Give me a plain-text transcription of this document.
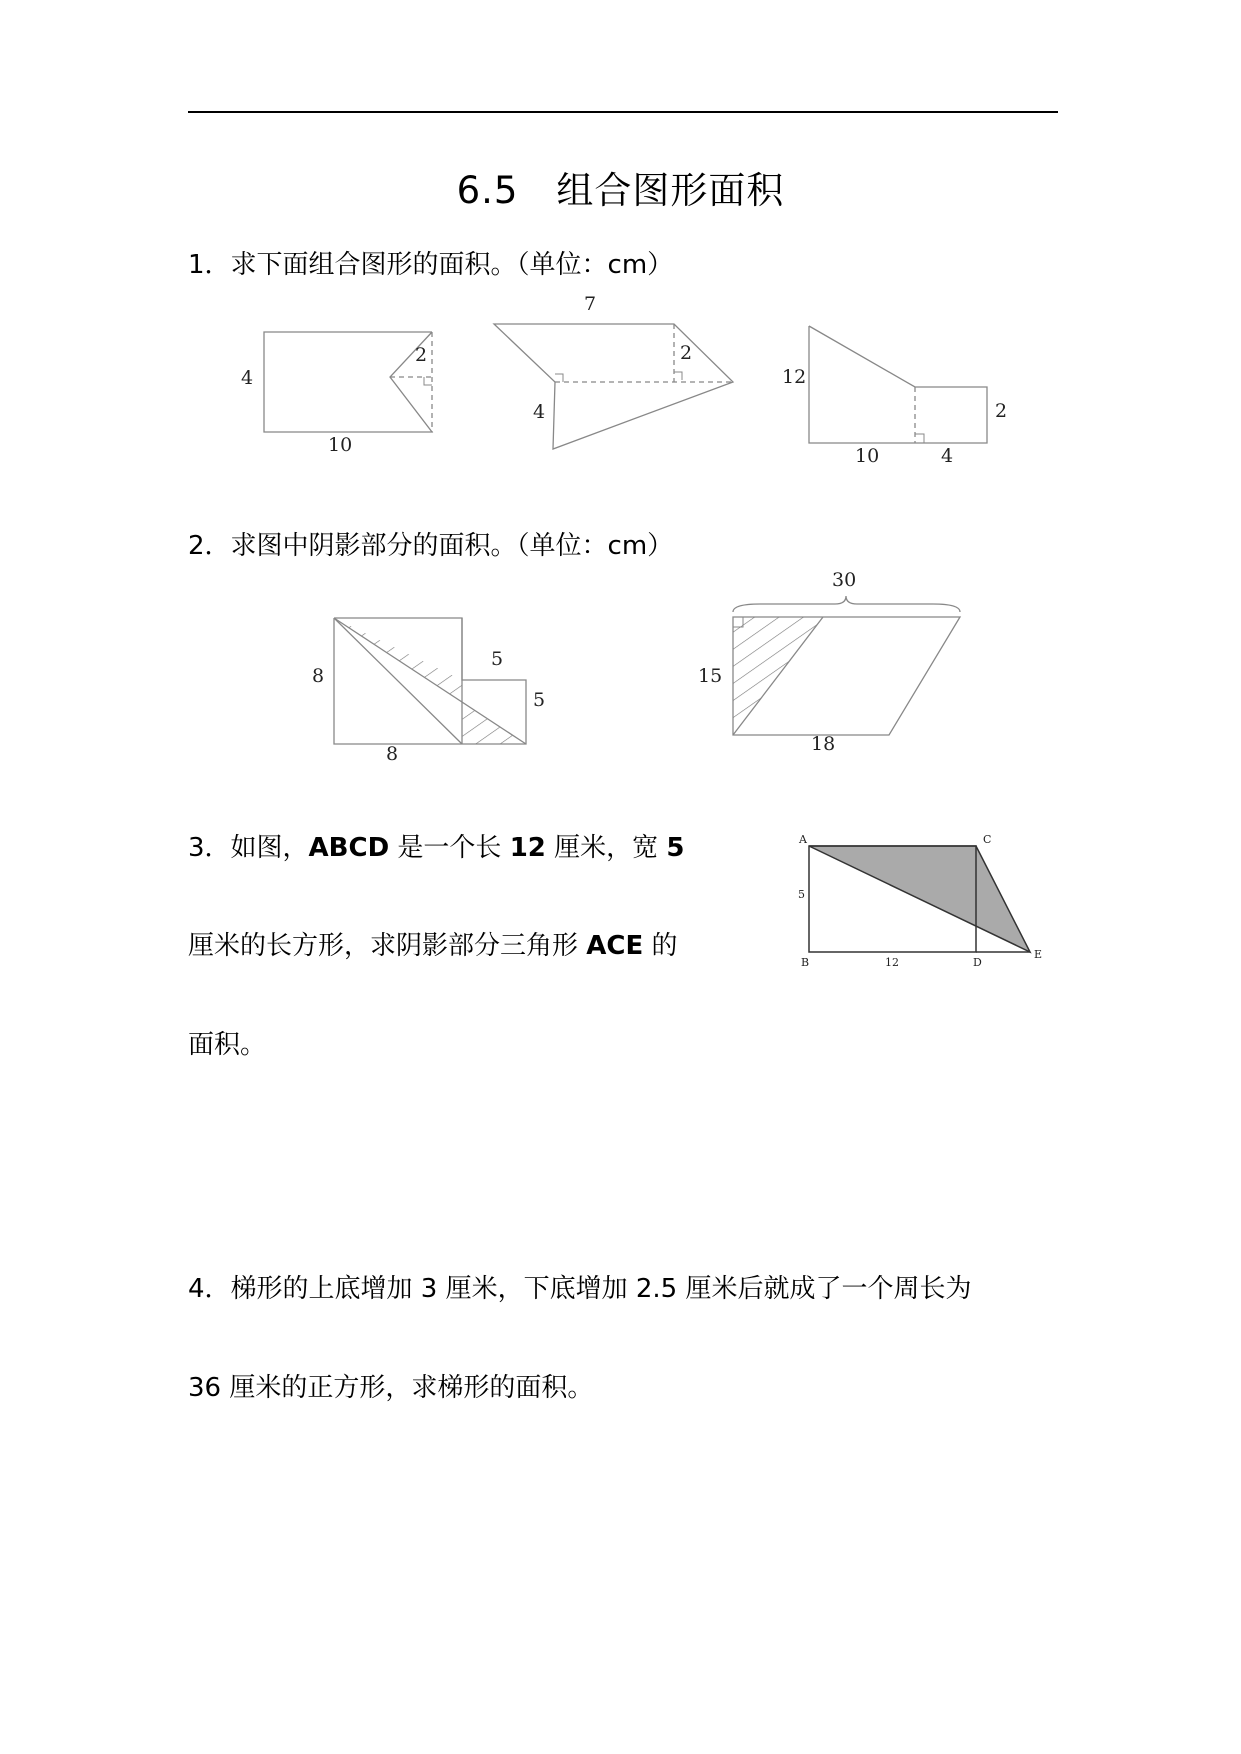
6.5　组合图形面积
1．求下面组合图形的面积。（单位：cm）
4
10
2
7
2
4
12
2
10	4
8
8
5
5
30
15
18
A	C
B	D
E
5
12
2．求图中阴影部分的面积。（单位：cm）
3．如图，ABCD 是一个长 12 厘米，宽 5
厘米的长方形，求阴影部分三角形 ACE 的
面积。
4．梯形的上底增加 3 厘米，下底增加 2.5 厘米后就成了一个周长为
36 厘米的正方形，求梯形的面积。
